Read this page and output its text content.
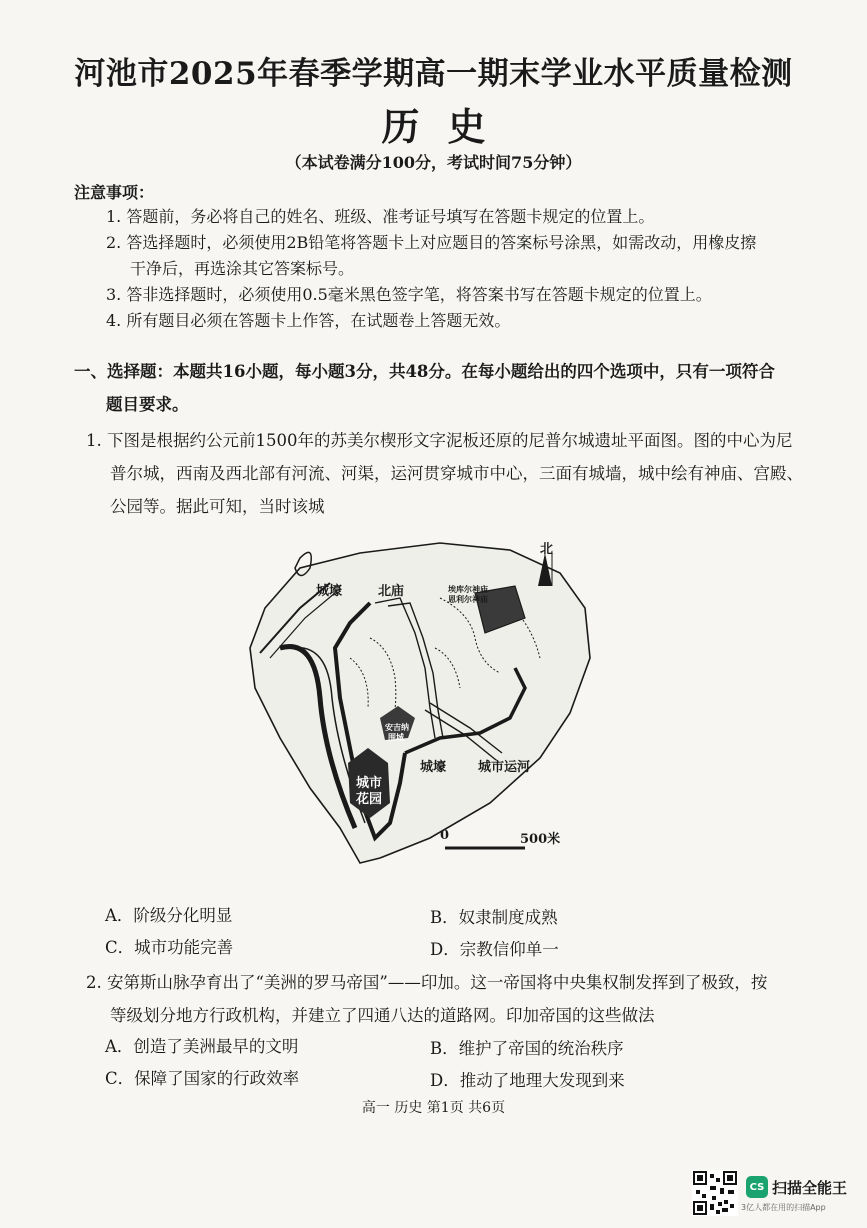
河池市2025年春季学期高一期末学业水平质量检测
历史
（本试卷满分100分，考试时间75分钟）
注意事项：
1. 答题前，务必将自己的姓名、班级、准考证号填写在答题卡规定的位置上。
2. 答选择题时，必须使用2B铅笔将答题卡上对应题目的答案标号涂黑，如需改动，用橡皮擦
干净后，再选涂其它答案标号。
3. 答非选择题时，必须使用0.5毫米黑色签字笔，将答案书写在答题卡规定的位置上。
4. 所有题目必须在答题卡上作答，在试题卷上答题无效。
一、选择题：本题共16小题，每小题3分，共48分。在每小题给出的四个选项中，只有一项符合
题目要求。
1. 下图是根据约公元前1500年的苏美尔楔形文字泥板还原的尼普尔城遗址平面图。图的中心为尼
普尔城，西南及西北部有河流、河渠，运河贯穿城市中心，三面有城墙，城中绘有神庙、宫殿、
公园等。据此可知，当时该城
北
城壕	北庙	埃库尔神庙
恩利尔神庙
安吉纳
围城
城壕 城市运河
城市
花园
0	500米
A．阶级分化明显	B．奴隶制度成熟
C．城市功能完善	D．宗教信仰单一
2. 安第斯山脉孕育出了“美洲的罗马帝国”——印加。这一帝国将中央集权制发挥到了极致，按
等级划分地方行政机构，并建立了四通八达的道路网。印加帝国的这些做法
A．创造了美洲最早的文明	B．维护了帝国的统治秩序
C．保障了国家的行政效率	D．推动了地理大发现到来
高一 历史 第1页 共6页
CS 扫描全能王
3亿人都在用的扫描App
